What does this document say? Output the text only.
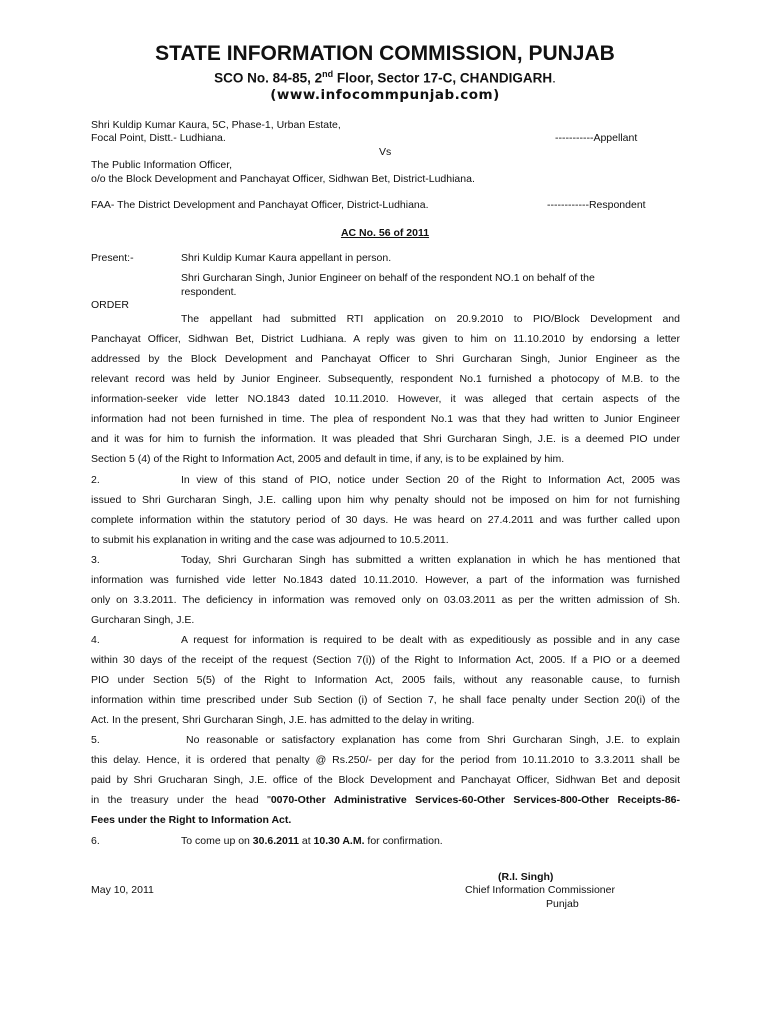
STATE INFORMATION COMMISSION, PUNJAB
SCO No. 84-85, 2nd Floor, Sector 17-C, CHANDIGARH.
(www.infocommpunjab.com)
Shri Kuldip Kumar Kaura, 5C, Phase-1, Urban Estate,
Focal Point, Distt.- Ludhiana.	-----------Appellant
Vs
The Public Information Officer,
o/o the Block Development and Panchayat Officer, Sidhwan Bet, District-Ludhiana.
FAA- The District Development and Panchayat Officer, District-Ludhiana.	------------Respondent
AC No. 56 of 2011
Present:-	Shri Kuldip Kumar Kaura appellant in person.
Shri Gurcharan Singh, Junior Engineer on behalf of the respondent NO.1 on behalf of the
respondent.
ORDER
The appellant had submitted RTI application on 20.9.2010 to PIO/Block Development and
Panchayat Officer, Sidhwan Bet, District Ludhiana. A reply was given to him on 11.10.2010 by endorsing a letter
addressed by the Block Development and Panchayat Officer to Shri Gurcharan Singh, Junior Engineer as the
relevant record was held by Junior Engineer. Subsequently, respondent No.1 furnished a photocopy of M.B. to the
information-seeker vide letter NO.1843 dated 10.11.2010. However, it was alleged that certain aspects of the
information had not been furnished in time. The plea of respondent No.1 was that they had written to Junior Engineer
and it was for him to furnish the information. It was pleaded that Shri Gurcharan Singh, J.E. is a deemed PIO under
Section 5 (4) of the Right to Information Act, 2005 and default in time, if any, is to be explained by him.
2.	In view of this stand of PIO, notice under Section 20 of the Right to Information Act, 2005 was
issued to Shri Gurcharan Singh, J.E. calling upon him why penalty should not be imposed on him for not furnishing
complete information within the statutory period of 30 days. He was heard on 27.4.2011 and was further called upon
to submit his explanation in writing and the case was adjourned to 10.5.2011.
3.	Today, Shri Gurcharan Singh has submitted a written explanation in which he has mentioned that
information was furnished vide letter No.1843 dated 10.11.2010. However, a part of the information was furnished
only on 3.3.2011. The deficiency in information was removed only on 03.03.2011 as per the written admission of Sh.
Gurcharan Singh, J.E.
4.	A request for information is required to be dealt with as expeditiously as possible and in any case
within 30 days of the receipt of the request (Section 7(i)) of the Right to Information Act, 2005. If a PIO or a deemed
PIO under Section 5(5) of the Right to Information Act, 2005 fails, without any reasonable cause, to furnish
information within time prescribed under Sub Section (i) of Section 7, he shall face penalty under Section 20(i) of the
Act. In the present, Shri Gurcharan Singh, J.E. has admitted to the delay in writing.
5.	No reasonable or satisfactory explanation has come from Shri Gurcharan Singh, J.E. to explain
this delay. Hence, it is ordered that penalty @ Rs.250/- per day for the period from 10.11.2010 to 3.3.2011 shall be
paid by Shri Grucharan Singh, J.E. office of the Block Development and Panchayat Officer, Sidhwan Bet and deposit
in the treasury under the head "0070-Other Administrative Services-60-Other Services-800-Other Receipts-86-
Fees under the Right to Information Act.
6.	To come up on 30.6.2011 at 10.30 A.M. for confirmation.
(R.I. Singh)
Chief Information Commissioner
Punjab
May 10, 2011
